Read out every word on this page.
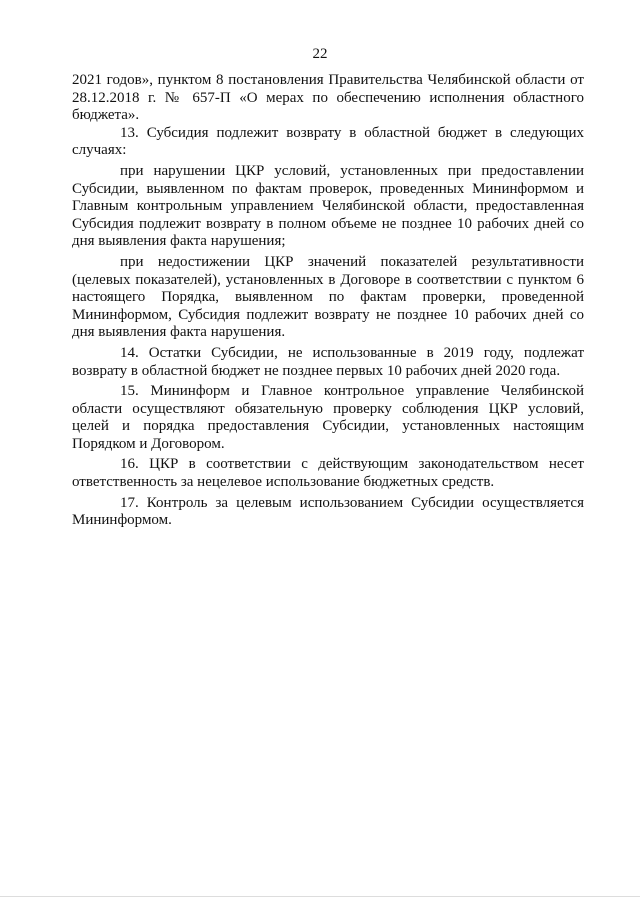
22

2021 годов», пунктом 8 постановления Правительства Челябинской области от 28.12.2018 г. № 657-П «О мерах по обеспечению исполнения областного бюджета».

13. Субсидия подлежит возврату в областной бюджет в следующих случаях:

при нарушении ЦКР условий, установленных при предоставлении Субсидии, выявленном по фактам проверок, проведенных Мининформом и Главным контрольным управлением Челябинской области, предоставленная Субсидия подлежит возврату в полном объеме не позднее 10 рабочих дней со дня выявления факта нарушения;

при недостижении ЦКР значений показателей результативности (целевых показателей), установленных в Договоре в соответствии с пунктом 6 настоящего Порядка, выявленном по фактам проверки, проведенной Мининформом, Субсидия подлежит возврату не позднее 10 рабочих дней со дня выявления факта нарушения.

14. Остатки Субсидии, не использованные в 2019 году, подлежат возврату в областной бюджет не позднее первых 10 рабочих дней 2020 года.

15. Мининформ и Главное контрольное управление Челябинской области осуществляют обязательную проверку соблюдения ЦКР условий, целей и порядка предоставления Субсидии, установленных настоящим Порядком и Договором.

16. ЦКР в соответствии с действующим законодательством несет ответственность за нецелевое использование бюджетных средств.

17. Контроль за целевым использованием Субсидии осуществляется Мининформом.
